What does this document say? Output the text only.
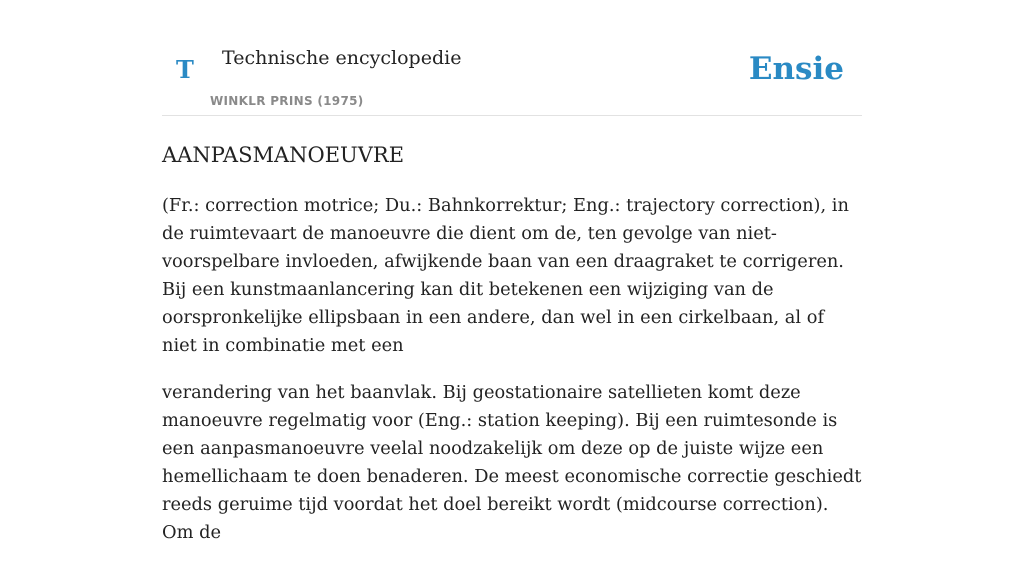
T Technische encyclopedie
WINKLR PRINS (1975)
Ensie
AANPASMANOEUVRE

(Fr.: correction motrice; Du.: Bahnkorrektur; Eng.: trajectory correction), in de ruimtevaart de manoeuvre die dient om de, ten gevolge van niet-voorspelbare invloeden, afwijkende baan van een draagraket te corrigeren. Bij een kunstmaanlancering kan dit betekenen een wijziging van de oorspronkelijke ellipsbaan in een andere, dan wel in een cirkelbaan, al of niet in combinatie met een

verandering van het baanvlak. Bij geostationaire satellieten komt deze manoeuvre regelmatig voor (Eng.: station keeping). Bij een ruimtesonde is een aanpasmanoeuvre veelal noodzakelijk om deze op de juiste wijze een hemellichaam te doen benaderen. De meest economische correctie geschiedt reeds geruime tijd voordat het doel bereikt wordt (midcourse correction). Om de
